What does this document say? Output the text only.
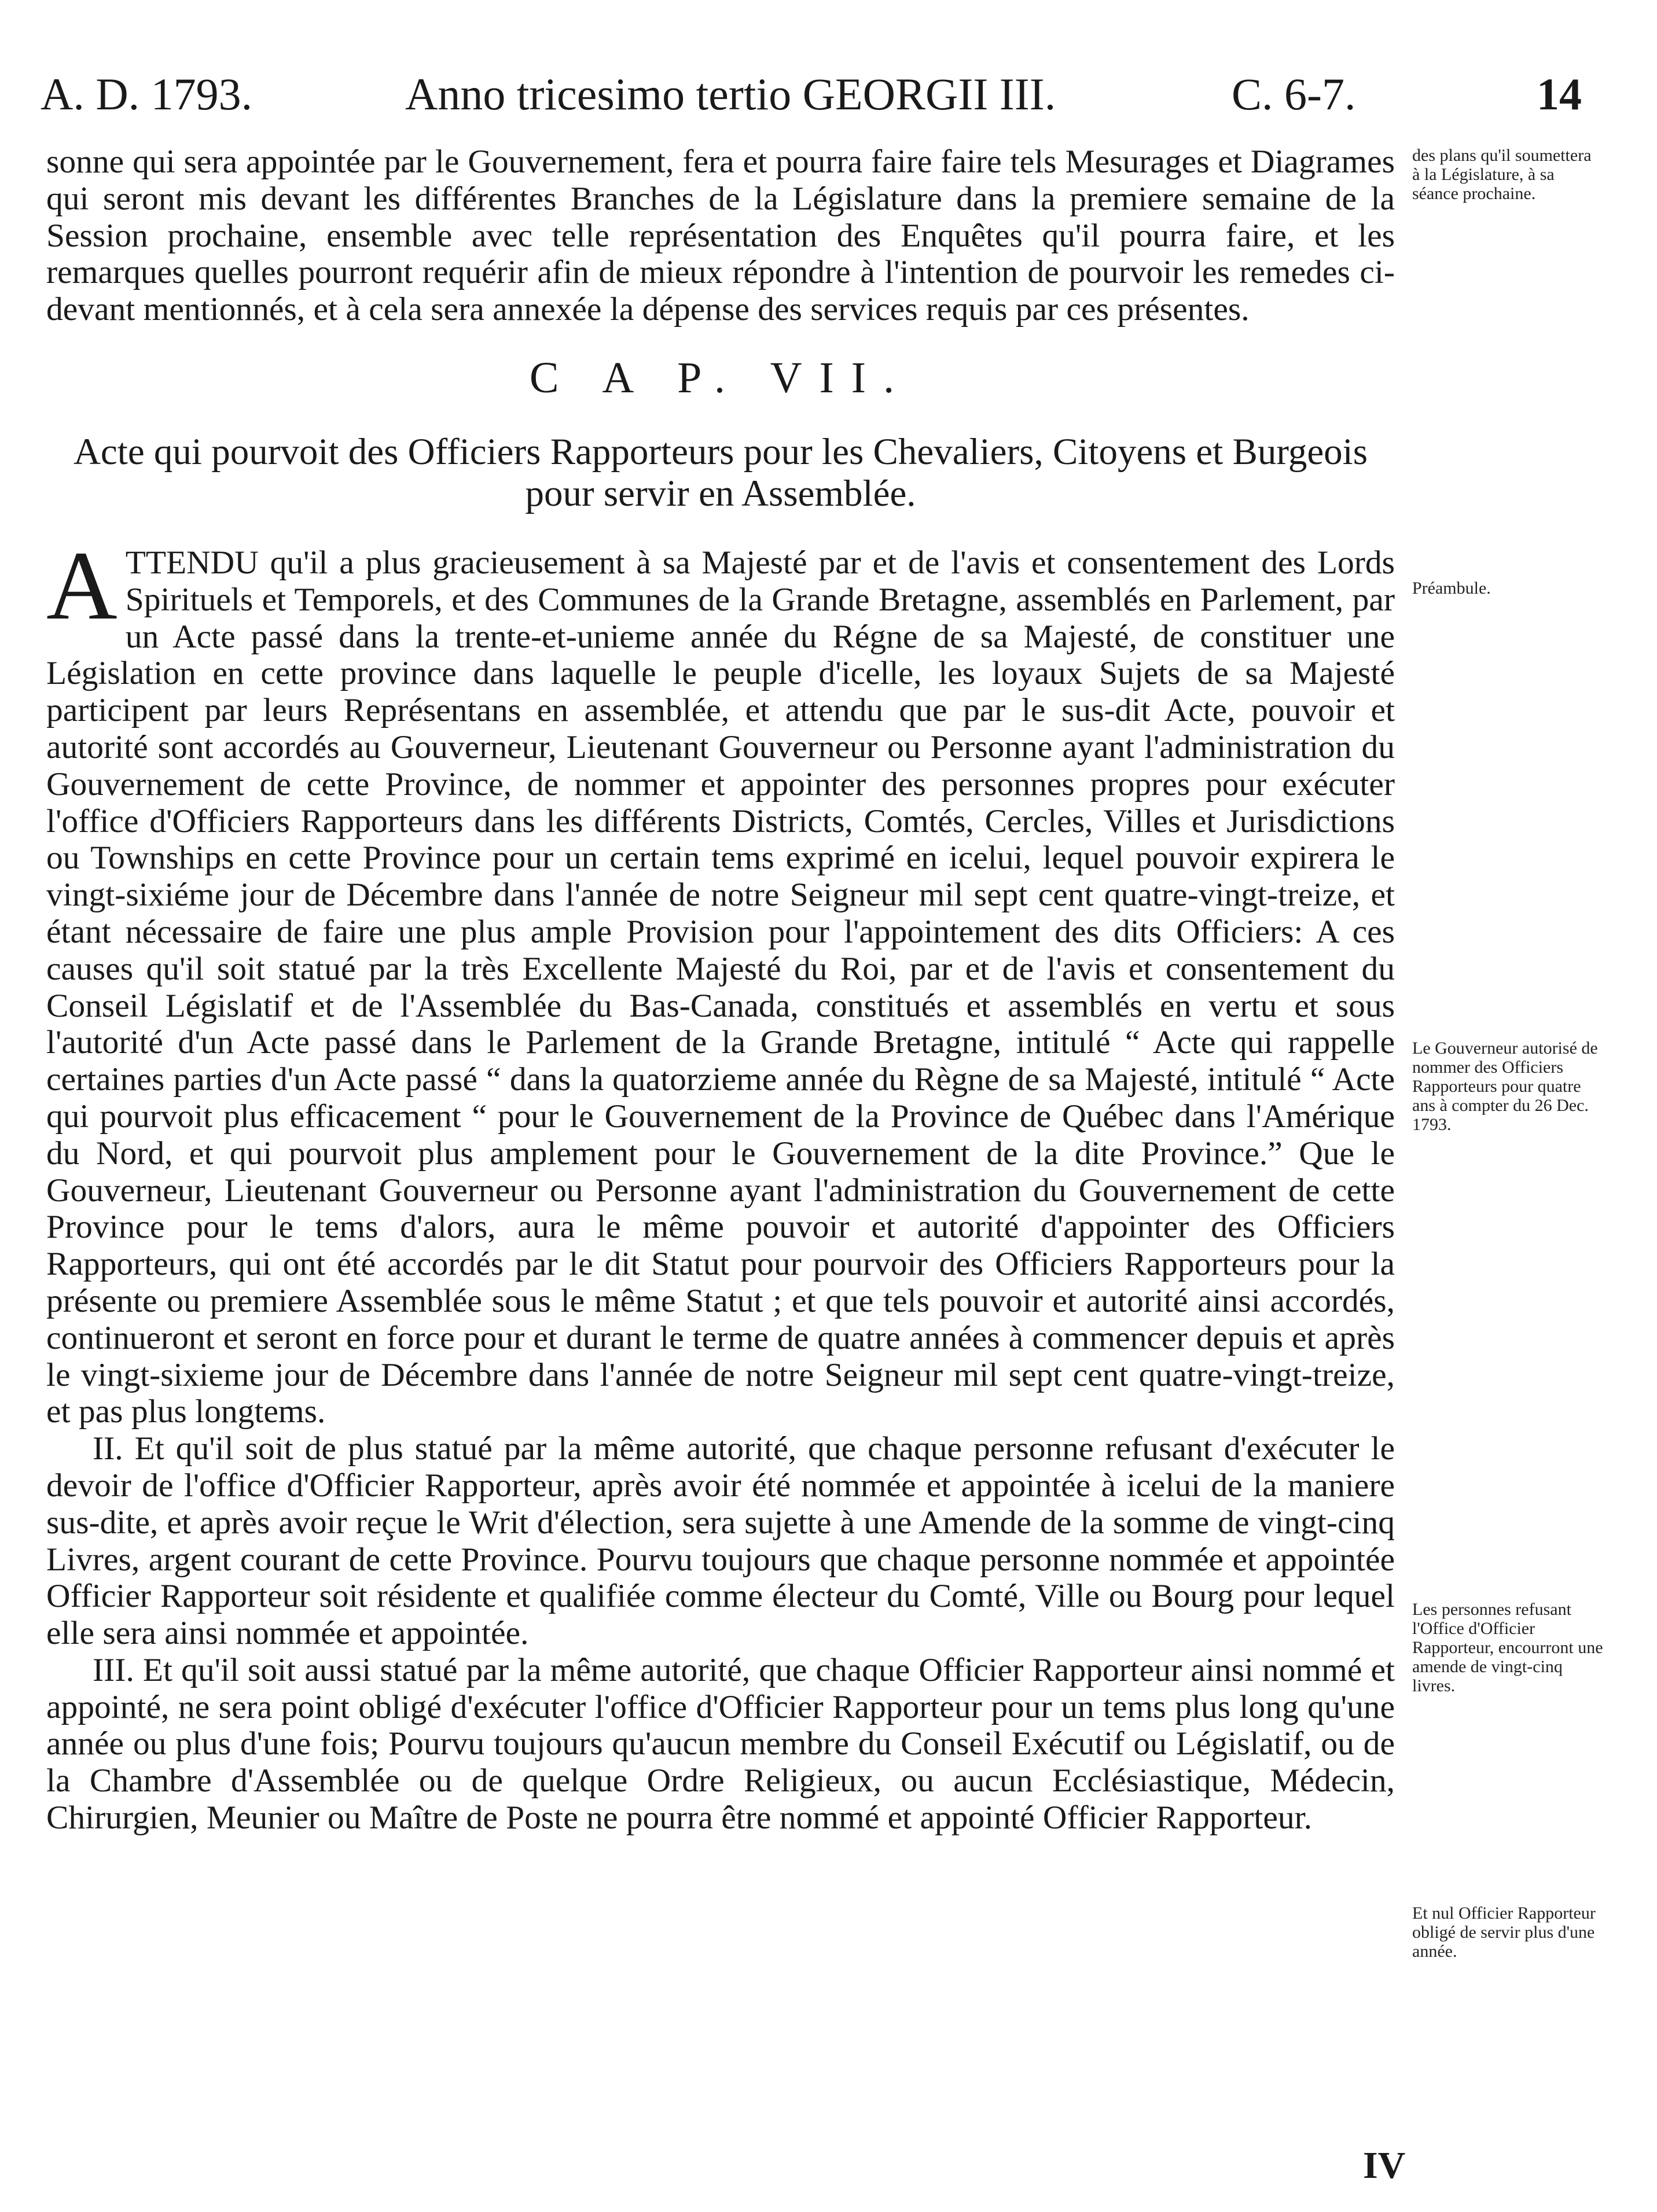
A. D. 1793.	Anno tricesimo tertio GEORGII III.	C. 6-7.	14

sonne qui sera appointée par le Gouvernement, fera et pourra faire faire tels Mesurages et Diagrames qui seront mis devant les différentes Branches de la Législature dans la premiere semaine de la Session prochaine, ensemble avec telle représentation des Enquêtes qu'il pourra faire, et les remarques quelles pourront requérir afin de mieux répondre à l'intention de pourvoir les remedes ci-devant mentionnés, et à cela sera annexée la dépense des services requis par ces présentes.

C A P. VII.
Acte qui pourvoit des Officiers Rapporteurs pour les Chevaliers, Citoyens et Burgeois pour servir en Assemblée.

ATTENDU qu'il a plus gracieusement à sa Majesté par et de l'avis et consentement des Lords Spirituels et Temporels, et des Communes de la Grande Bretagne, assemblés en Parlement, par un Acte passé dans la trente-et-unieme année du Régne de sa Majesté, de constituer une Législation en cette province dans laquelle le peuple d'icelle, les loyaux Sujets de sa Majesté participent par leurs Représentans en assemblée, et attendu que par le sus-dit Acte, pouvoir et autorité sont accordés au Gouverneur, Lieutenant Gouverneur ou Personne ayant l'administration du Gouvernement de cette Province, de nommer et appointer des personnes propres pour exécuter l'office d'Officiers Rapporteurs dans les différents Districts, Comtés, Cercles, Villes et Jurisdictions ou Townships en cette Province pour un certain tems exprimé en icelui, lequel pouvoir expirera le vingt-sixiéme jour de Décembre dans l'année de notre Seigneur mil sept cent quatre-vingt-treize, et étant nécessaire de faire une plus ample Provision pour l'appointement des dits Officiers: A ces causes qu'il soit statué par la très Excellente Majesté du Roi, par et de l'avis et consentement du Conseil Législatif et de l'Assemblée du Bas-Canada, constitués et assemblés en vertu et sous l'autorité d'un Acte passé dans le Parlement de la Grande Bretagne, intitulé “ Acte qui rappelle certaines parties d'un Acte passé “ dans la quatorzieme année du Règne de sa Majesté, intitulé “ Acte qui pourvoit plus efficacement “ pour le Gouvernement de la Province de Québec dans l'Amérique du Nord, et qui pourvoit plus amplement pour le Gouvernement de la dite Province.” Que le Gouverneur, Lieutenant Gouverneur ou Personne ayant l'administration du Gouvernement de cette Province pour le tems d'alors, aura le même pouvoir et autorité d'appointer des Officiers Rapporteurs, qui ont été accordés par le dit Statut pour pourvoir des Officiers Rapporteurs pour la présente ou premiere Assemblée sous le même Statut ; et que tels pouvoir et autorité ainsi accordés, continueront et seront en force pour et durant le terme de quatre années à commencer depuis et après le vingt-sixieme jour de Décembre dans l'année de notre Seigneur mil sept cent quatre-vingt-treize, et pas plus longtems.

II. Et qu'il soit de plus statué par la même autorité, que chaque personne refusant d'exécuter le devoir de l'office d'Officier Rapporteur, après avoir été nommée et appointée à icelui de la maniere sus-dite, et après avoir reçue le Writ d'élection, sera sujette à une Amende de la somme de vingt-cinq Livres, argent courant de cette Province. Pourvu toujours que chaque personne nommée et appointée Officier Rapporteur soit résidente et qualifiée comme électeur du Comté, Ville ou Bourg pour lequel elle sera ainsi nommée et appointée.

III. Et qu'il soit aussi statué par la même autorité, que chaque Officier Rapporteur ainsi nommé et appointé, ne sera point obligé d'exécuter l'office d'Officier Rapporteur pour un tems plus long qu'une année ou plus d'une fois; Pourvu toujours qu'aucun membre du Conseil Exécutif ou Législatif, ou de la Chambre d'Assemblée ou de quelque Ordre Religieux, ou aucun Ecclésiastique, Médecin, Chirurgien, Meunier ou Maître de Poste ne pourra être nommé et appointé Officier Rapporteur.

des plans qu'il soumettera à la Législature, à sa séance prochaine.
Préambule.
Le Gouverneur autorisé de nommer des Officiers Rapporteurs pour quatre ans à compter du 26 Dec. 1793.
Les personnes refusant l'Office d'Officier Rapporteur, encourront une amende de vingt-cinq livres.
Et nul Officier Rapporteur obligé de servir plus d'une année.
IV
